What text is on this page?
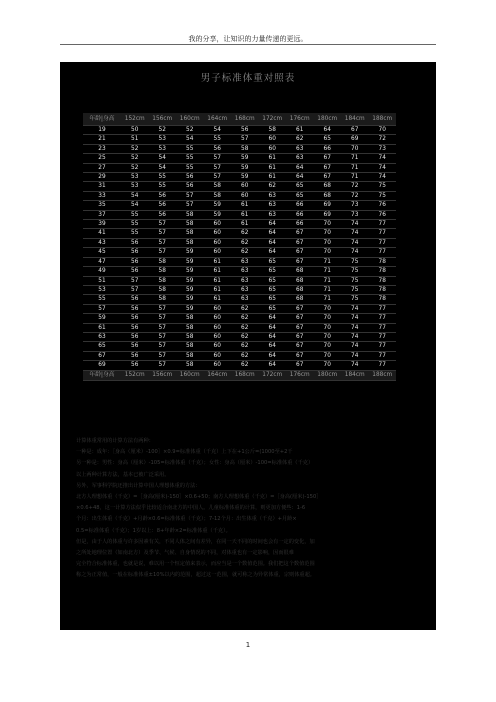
我的分享，让知识的力量传递的更远。
男子标准体重对照表
年龄|身高	152cm	156cm	160cm	164cm	168cm	172cm	176cm	180cm	184cm	188cm
19	50	52	52	54	56	58	61	64	67	70
21	51	53	54	55	57	60	62	65	69	72
23	52	53	55	56	58	60	63	66	70	73
25	52	54	55	57	59	61	63	67	71	74
27	52	54	55	57	59	61	64	67	71	74
29	53	55	56	57	59	61	64	67	71	74
31	53	55	56	58	60	62	65	68	72	75
33	54	56	57	58	60	63	65	68	72	75
35	54	56	57	59	61	63	66	69	73	76
37	55	56	58	59	61	63	66	69	73	76
39	55	57	58	60	61	64	66	70	74	77
41	55	57	58	60	62	64	67	70	74	77
43	56	57	58	60	62	64	67	70	74	77
45	56	57	59	60	62	64	67	70	74	77
47	56	58	59	61	63	65	67	71	75	78
49	56	58	59	61	63	65	68	71	75	78
51	57	58	59	61	63	65	68	71	75	78
53	57	58	59	61	63	65	68	71	75	78
55	56	58	59	61	63	65	68	71	75	78
57	56	57	59	60	62	65	67	70	74	77
59	56	57	58	60	62	64	67	70	74	77
61	56	57	58	60	62	64	67	70	74	77
63	56	57	58	60	62	64	67	70	74	77
65	56	57	58	60	62	64	67	70	74	77
67	56	57	58	60	62	64	67	70	74	77
69	56	57	58	60	62	64	67	70	74	77
年龄|身高	152cm	156cm	160cm	164cm	168cm	172cm	176cm	180cm	184cm	188cm

计算体重常用的计算方法有两种：

一种是：成年：［身高（厘米）-100］×0.9=标准体重（千克）上下在+1公斤=(1000至+2千

另一种是：男性：身高（厘米）-105=标准体重（千克）；女性：身高（厘米）-100=标准体重（千克）

以上两种计算方法，基本已被广泛采用。

另外，军事科学院还推出计算中国人理想体重的方法：

北方人理想体重（千克）=［身高(厘米)-150］×0.6+50；南方人理想体重（千克）=［身高(厘米)-150］

×0.6+48，这一计算方法似乎比较适合南北方的中国人。儿童标准体重的计算，则更加方便些：1-6

个月：出生体重（千克）+月龄×0.6=标准体重（千克）；7-12个月：出生体重（千克）+月龄×

0.5=标准体重（千克）；1岁以上：8+年龄×2=标准体重（千克）。

但是，由于人的体重与许多因素有关，不同人体之间有差异，在同一天不同的时间也会有一定的变化，加

之所处地理位置（如南北方）及季节、气候、自身情况的不同，对体重也有一定影响，因而很难

完全符合标准体重，也就是说，难以用一个恒定值来表示，而应当是一个数值范围。我们把这个数值范围

称之为正常值，一般在标准体重±10%以内的范围，超过这一范围，就可称之为异常体重，宗则体重超。

1
